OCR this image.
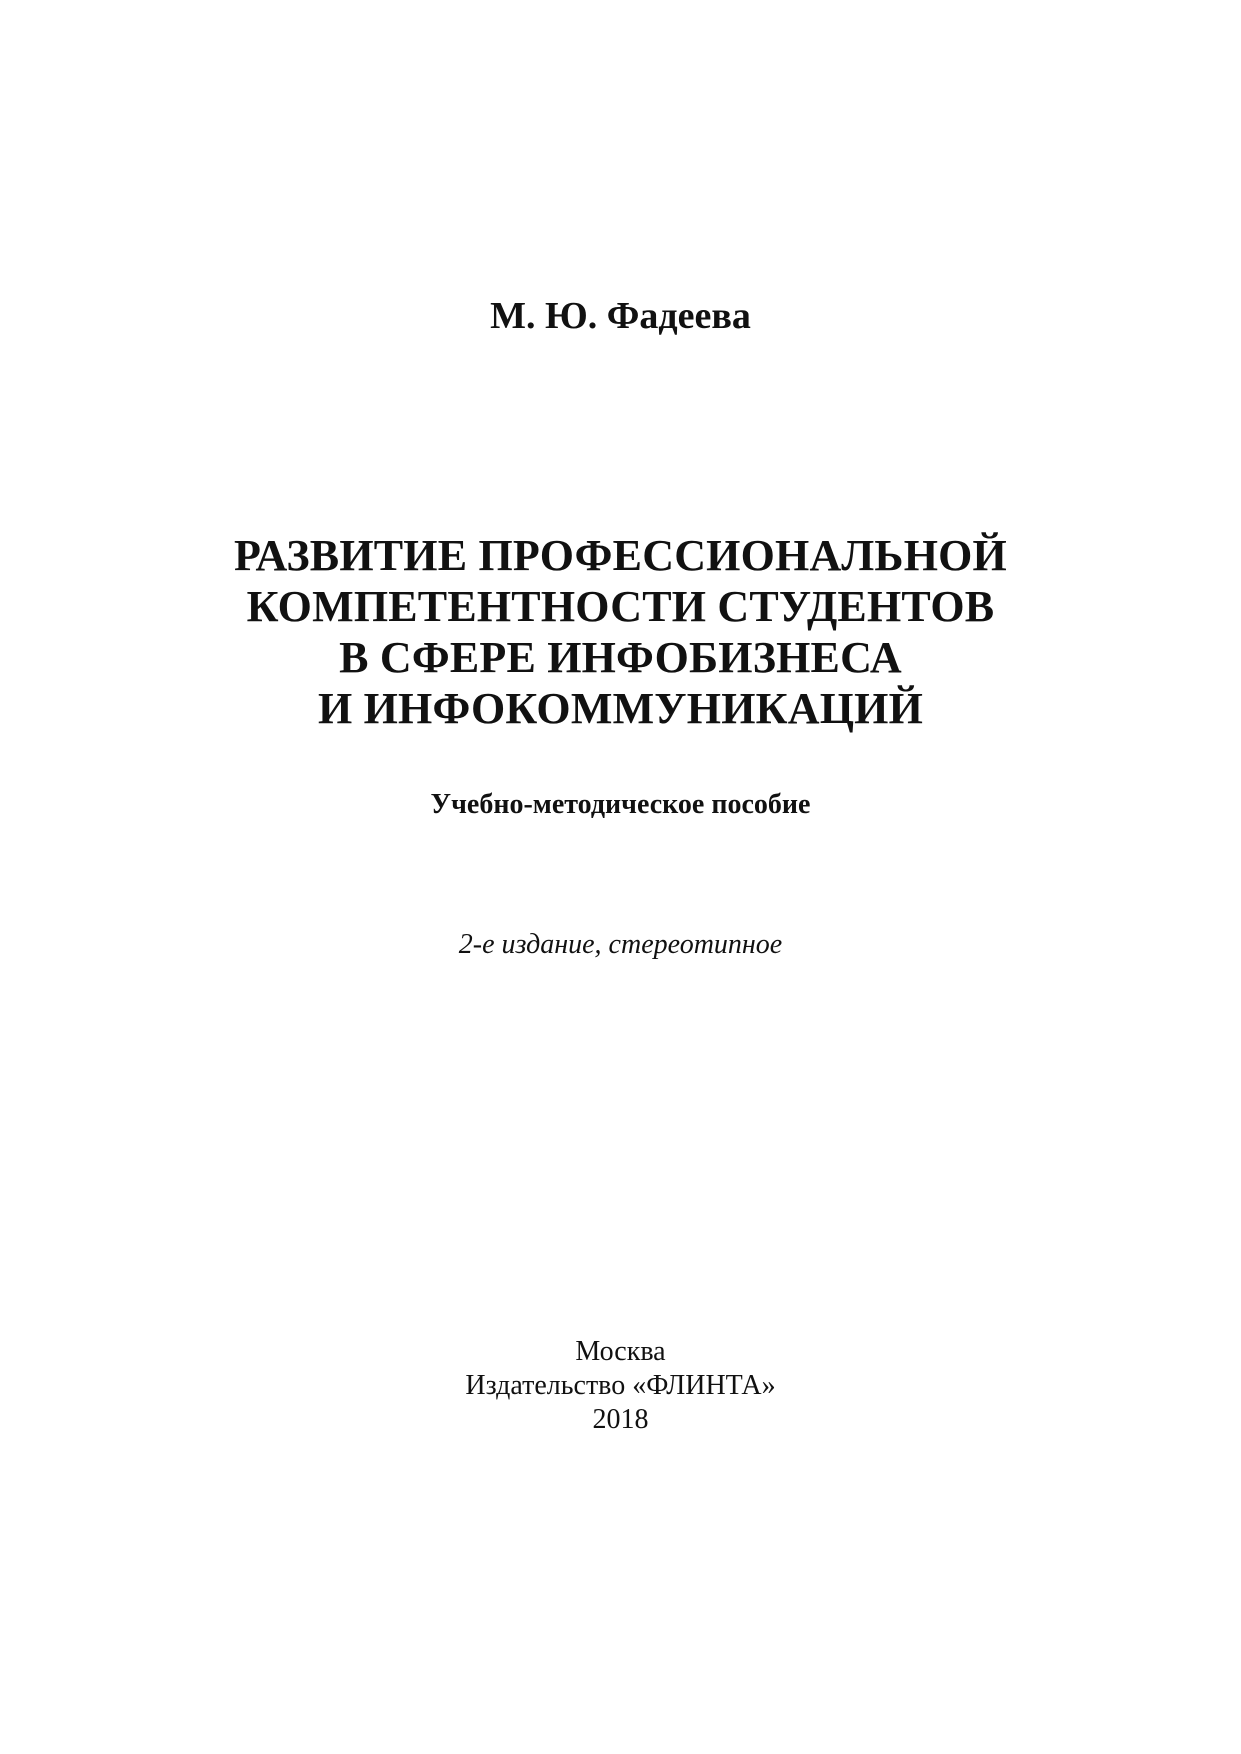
М. Ю. Фадеева

РАЗВИТИЕ ПРОФЕССИОНАЛЬНОЙ
КОМПЕТЕНТНОСТИ СТУДЕНТОВ
В СФЕРЕ ИНФОБИЗНЕСА
И ИНФОКОММУНИКАЦИЙ

Учебно-методическое пособие

2-е издание, стереотипное

Москва
Издательство «ФЛИНТА»
2018
